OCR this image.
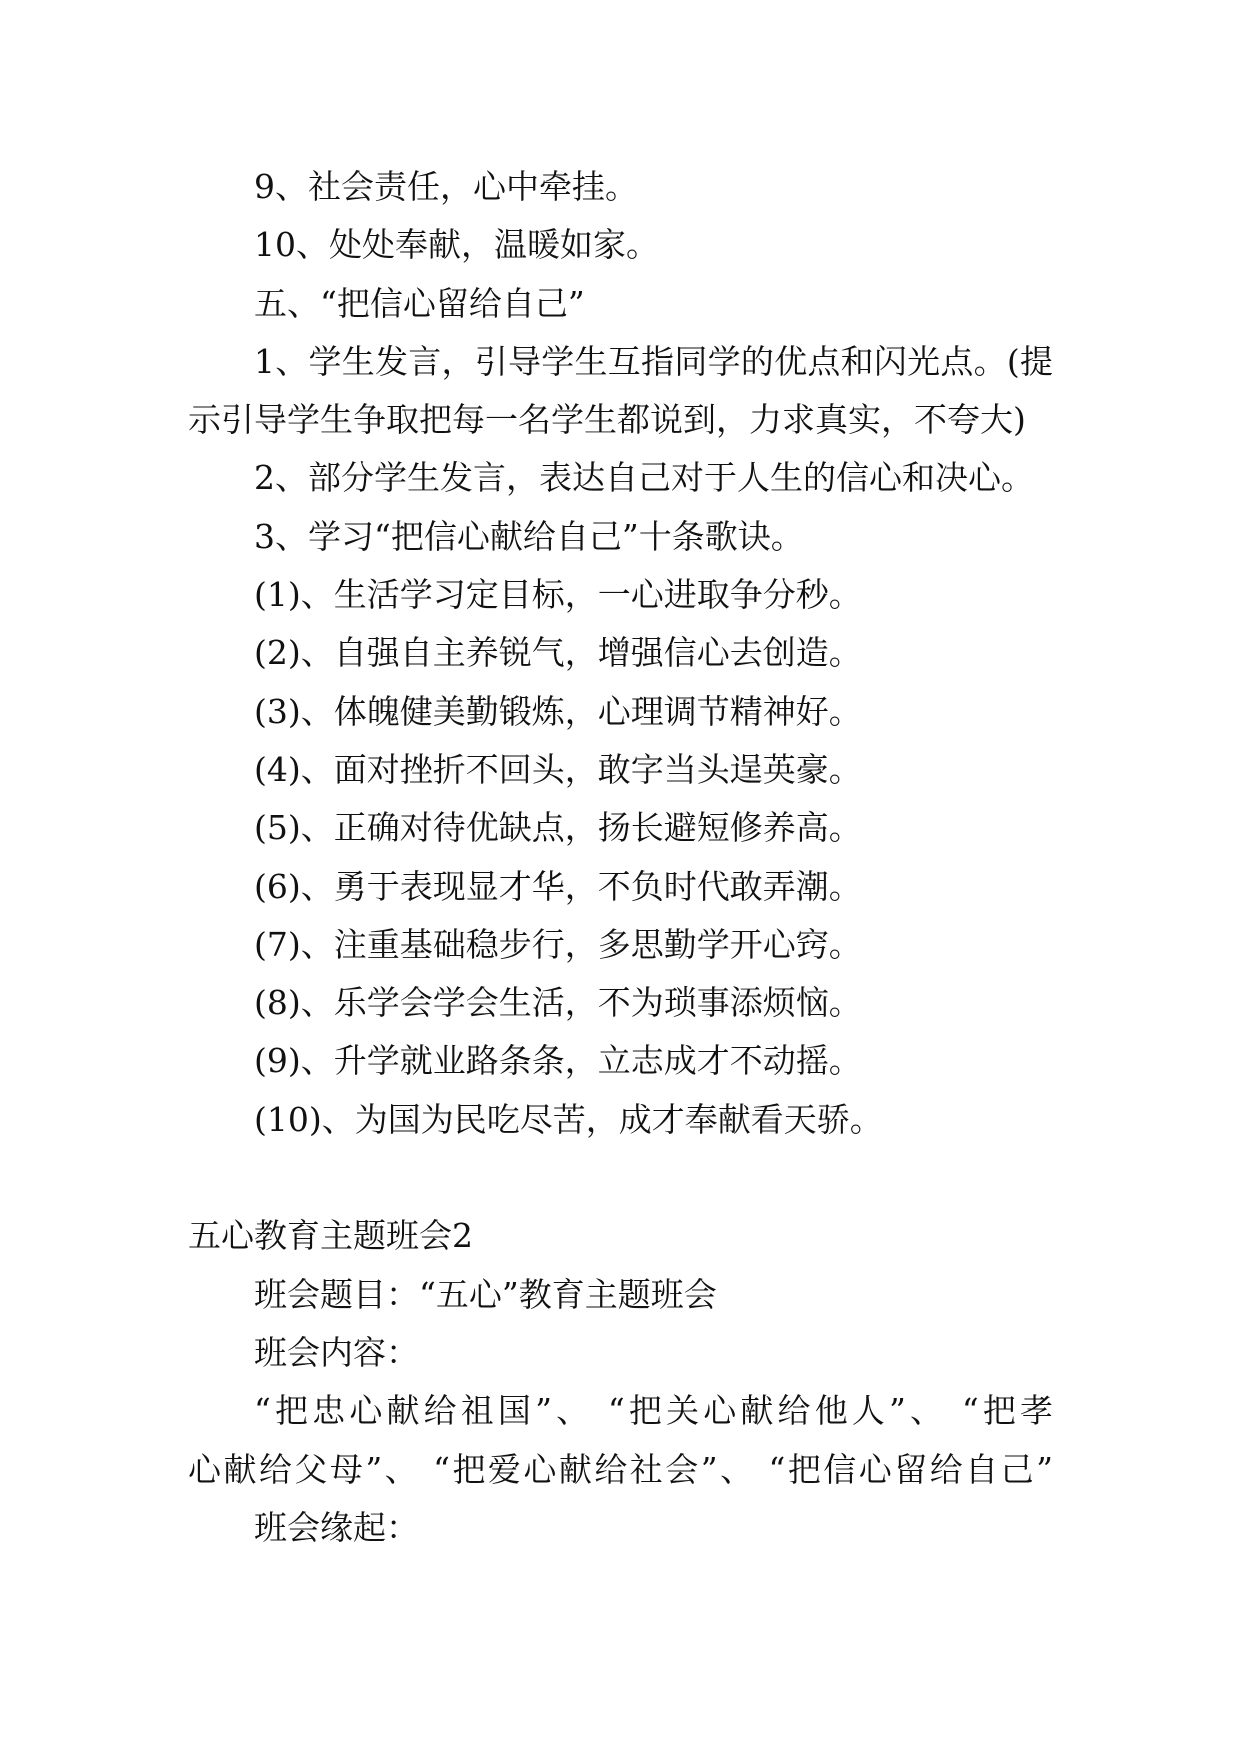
9、社会责任，心中牵挂。
10、处处奉献，温暖如家。
五、“把信心留给自己”
1、学生发言，引导学生互指同学的优点和闪光点。(提
示引导学生争取把每一名学生都说到，力求真实，不夸大)
2、部分学生发言，表达自己对于人生的信心和决心。
3、学习“把信心献给自己”十条歌诀。
(1)、生活学习定目标，一心进取争分秒。
(2)、自强自主养锐气，增强信心去创造。
(3)、体魄健美勤锻炼，心理调节精神好。
(4)、面对挫折不回头，敢字当头逞英豪。
(5)、正确对待优缺点，扬长避短修养高。
(6)、勇于表现显才华，不负时代敢弄潮。
(7)、注重基础稳步行，多思勤学开心窍。
(8)、乐学会学会生活，不为琐事添烦恼。
(9)、升学就业路条条，立志成才不动摇。
(10)、为国为民吃尽苦，成才奉献看天骄。
五心教育主题班会2
班会题目：“五心”教育主题班会
班会内容：
“把忠心献给祖国”、 “把关心献给他人”、 “把孝
心献给父母”、 “把爱心献给社会”、 “把信心留给自己”
班会缘起：
